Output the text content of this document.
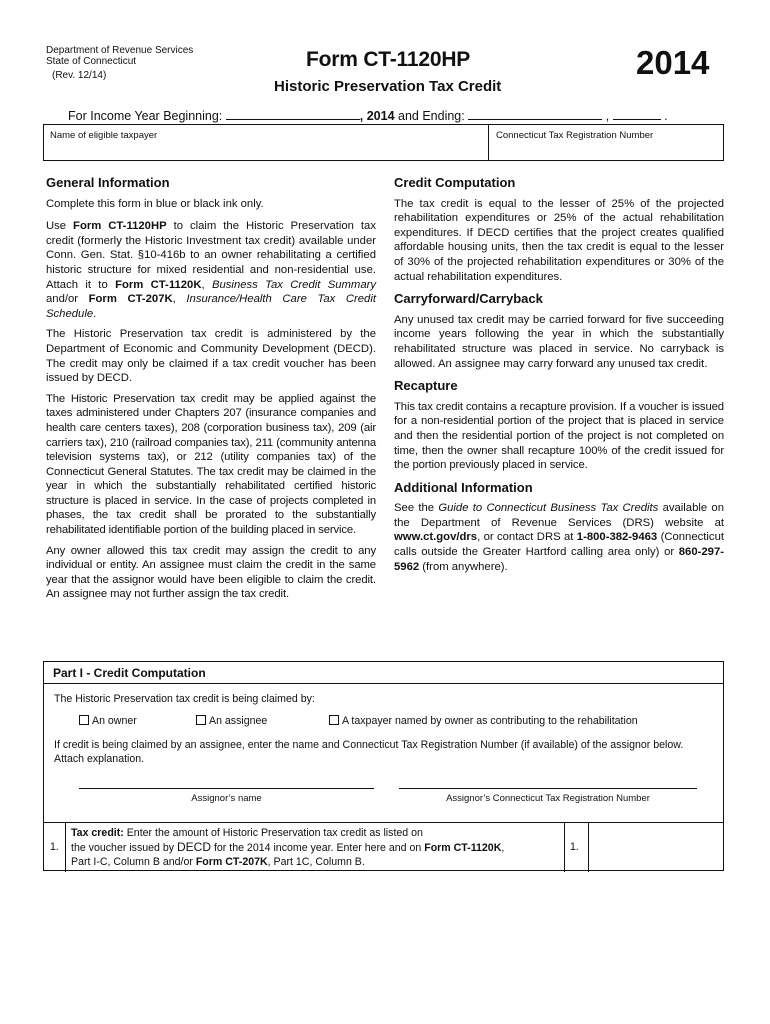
Department of Revenue Services
State of Connecticut
(Rev. 12/14)
Form CT-1120HP	2014
Historic Preservation Tax Credit
For Income Year Beginning:	, 2014 and Ending:	,	.
Name of eligible taxpayer	Connecticut Tax Registration Number
General Information

Complete this form in blue or black ink only.

Use Form CT-1120HP to claim the Historic Preservation tax credit (formerly the Historic Investment tax credit) available under Conn. Gen. Stat. §10-416b to an owner rehabilitating a certified historic structure for mixed residential and non-residential use. Attach it to Form CT-1120K, Business Tax Credit Summary and/or Form CT-207K, Insurance/Health Care Tax Credit Schedule.

The Historic Preservation tax credit is administered by the Department of Economic and Community Development (DECD). The credit may only be claimed if a tax credit voucher has been issued by DECD.

The Historic Preservation tax credit may be applied against the taxes administered under Chapters 207 (insurance companies and health care centers taxes), 208 (corporation business tax), 209 (air carriers tax), 210 (railroad companies tax), 211 (community antenna television systems tax), or 212 (utility companies tax) of the Connecticut General Statutes. The tax credit may be claimed in the year in which the substantially rehabilitated certified historic structure is placed in service. In the case of projects completed in phases, the tax credit shall be prorated to the substantially rehabilitated identifiable portion of the building placed in service.

Any owner allowed this tax credit may assign the credit to any individual or entity. An assignee must claim the credit in the same year that the assignor would have been eligible to claim the credit. An assignee may not further assign the tax credit.

Credit Computation

The tax credit is equal to the lesser of 25% of the projected rehabilitation expenditures or 25% of the actual rehabilitation expenditures. If DECD certifies that the project creates qualified affordable housing units, then the tax credit is equal to the lesser of 30% of the projected rehabilitation expenditures or 30% of the actual rehabilitation expenditures.

Carryforward/Carryback

Any unused tax credit may be carried forward for five succeeding income years following the year in which the substantially rehabilitated structure was placed in service. No carryback is allowed. An assignee may carry forward any unused tax credit.

Recapture

This tax credit contains a recapture provision. If a voucher is issued for a non-residential portion of the project that is placed in service and then the residential portion of the project is not completed on time, then the owner shall recapture 100% of the credit issued for the portion previously placed in service.

Additional Information

See the Guide to Connecticut Business Tax Credits available on the Department of Revenue Services (DRS) website at www.ct.gov/drs, or contact DRS at 1-800-382-9463 (Connecticut calls outside the Greater Hartford calling area only) or 860-297-5962 (from anywhere).

Part I - Credit Computation
The Historic Preservation tax credit is being claimed by:
An owner	An assignee	A taxpayer named by owner as contributing to the rehabilitation
If credit is being claimed by an assignee, enter the name and Connecticut Tax Registration Number (if available) of the assignor below. Attach explanation.
Assignor’s name	Assignor’s Connecticut Tax Registration Number
1.
Tax credit: Enter the amount of Historic Preservation tax credit as listed on
the voucher issued by DECD for the 2014 income year. Enter here and on Form CT-1120K,
Part I-C, Column B and/or Form CT-207K, Part 1C, Column B.
1.
